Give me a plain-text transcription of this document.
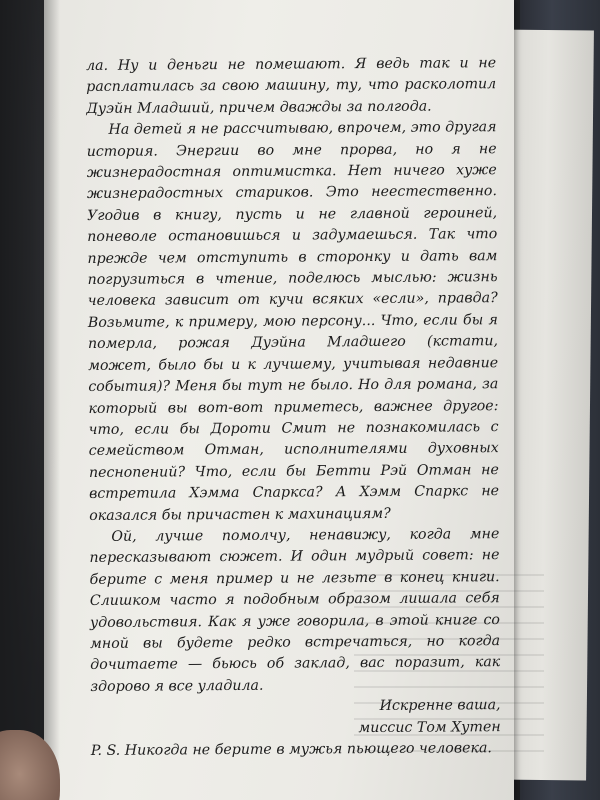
ла. Ну и деньги не помешают. Я ведь так и не расплатилась за свою машину, ту, что расколотил Дуэйн Младший, причем дважды за полгода.

На детей я не рассчитываю, впрочем, это другая история. Энергии во мне прорва, но я не жизнерадостная оптимистка. Нет ничего хуже жизнерадостных стариков. Это неестественно. Угодив в книгу, пусть и не главной героиней, поневоле остановишься и задумаешься. Так что прежде чем отступить в сторонку и дать вам погрузиться в чтение, поделюсь мыслью: жизнь человека зависит от кучи всяких «если», правда? Возьмите, к примеру, мою персону... Что, если бы я померла, рожая Дуэйна Младшего (кстати, может, было бы и к лучшему, учитывая недавние события)? Меня бы тут не было. Но для романа, за который вы вот-вот приметесь, важнее другое: что, если бы Дороти Смит не познакомилась с семейством Отман, исполнителями духовных песнопений? Что, если бы Бетти Рэй Отман не встретила Хэмма Спаркса? А Хэмм Спаркс не оказался бы причастен к махинациям?

Ой, лучше помолчу, ненавижу, когда мне пересказывают сюжет. И один мудрый совет: не берите с меня пример и не лезьте в конец книги. Слишком часто я подобным образом лишала себя удовольствия. Как я уже говорила, в этой книге со мной вы будете редко встречаться, но когда дочитаете — бьюсь об заклад, вас поразит, как здорово я все уладила.

Искренне ваша,

миссис Том Хутен

P. S. Никогда не берите в мужья пьющего человека.
